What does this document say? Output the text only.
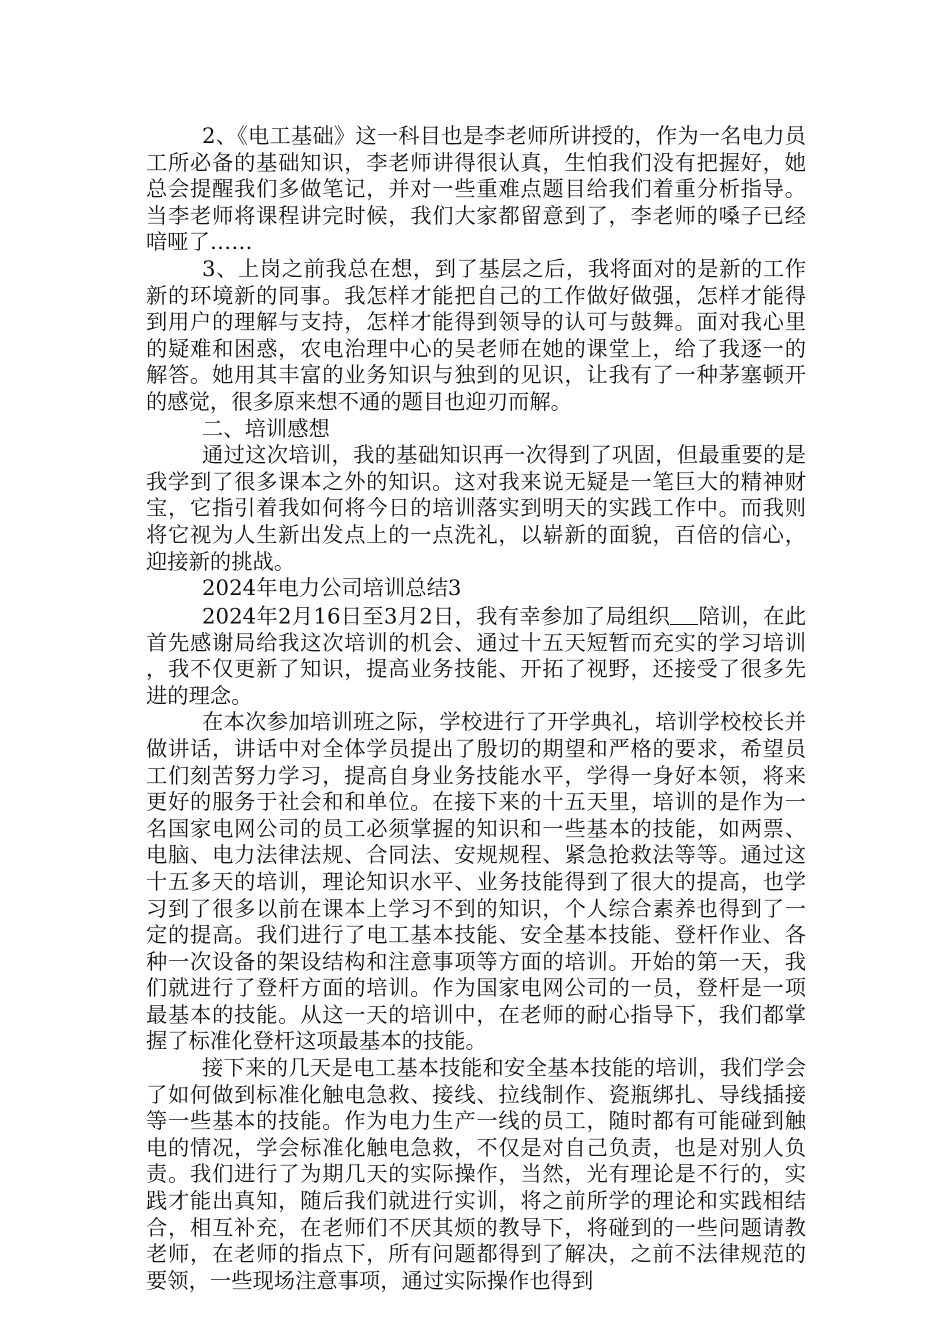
2、《电工基础》这一科目也是李老师所讲授的，作为一名电力员工所必备的基础知识，李老师讲得很认真，生怕我们没有把握好，她总会提醒我们多做笔记，并对一些重难点题目给我们着重分析指导。当李老师将课程讲完时候，我们大家都留意到了，李老师的嗓子已经喑哑了……

3、上岗之前我总在想，到了基层之后，我将面对的是新的工作新的环境新的同事。我怎样才能把自己的工作做好做强，怎样才能得到用户的理解与支持，怎样才能得到领导的认可与鼓舞。面对我心里的疑难和困惑，农电治理中心的吴老师在她的课堂上，给了我逐一的解答。她用其丰富的业务知识与独到的见识，让我有了一种茅塞顿开的感觉，很多原来想不通的题目也迎刃而解。

二、培训感想

通过这次培训，我的基础知识再一次得到了巩固，但最重要的是我学到了很多课本之外的知识。这对我来说无疑是一笔巨大的精神财宝，它指引着我如何将今日的培训落实到明天的实践工作中。而我则将它视为人生新出发点上的一点洗礼，以崭新的面貌，百倍的信心，迎接新的挑战。

2024年电力公司培训总结3

2024年2月16日至3月2日，我有幸参加了局组织 陪训，在此首先感谢局给我这次培训的机会、通过十五天短暂而充实的学习培训，我不仅更新了知识，提高业务技能、开拓了视野，还接受了很多先进的理念。

在本次参加培训班之际，学校进行了开学典礼，培训学校校长并做讲话，讲话中对全体学员提出了殷切的期望和严格的要求，希望员工们刻苦努力学习，提高自身业务技能水平，学得一身好本领，将来更好的服务于社会和和单位。在接下来的十五天里，培训的是作为一名国家电网公司的员工必须掌握的知识和一些基本的技能，如两票、电脑、电力法律法规、合同法、安规规程、紧急抢救法等等。通过这十五多天的培训，理论知识水平、业务技能得到了很大的提高，也学习到了很多以前在课本上学习不到的知识，个人综合素养也得到了一定的提高。我们进行了电工基本技能、安全基本技能、登杆作业、各种一次设备的架设结构和注意事项等方面的培训。开始的第一天，我们就进行了登杆方面的培训。作为国家电网公司的一员，登杆是一项最基本的技能。从这一天的培训中，在老师的耐心指导下，我们都掌握了标准化登杆这项最基本的技能。

接下来的几天是电工基本技能和安全基本技能的培训，我们学会了如何做到标准化触电急救、接线、拉线制作、瓷瓶绑扎、导线插接等一些基本的技能。作为电力生产一线的员工，随时都有可能碰到触电的情况，学会标准化触电急救，不仅是对自己负责，也是对别人负责。我们进行了为期几天的实际操作，当然，光有理论是不行的，实践才能出真知，随后我们就进行实训，将之前所学的理论和实践相结合，相互补充，在老师们不厌其烦的教导下，将碰到的一些问题请教老师，在老师的指点下，所有问题都得到了解决，之前不法律规范的要领，一些现场注意事项，通过实际操作也得到
